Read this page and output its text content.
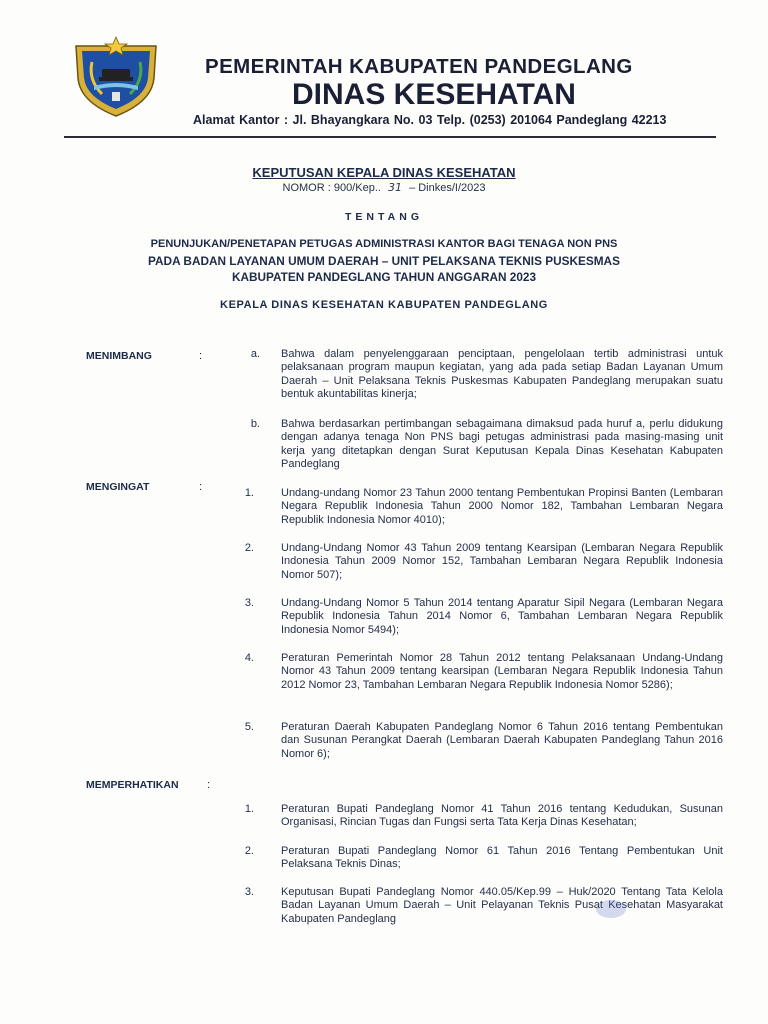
PEMERINTAH KABUPATEN PANDEGLANG
DINAS KESEHATAN
Alamat Kantor : Jl. Bhayangkara No. 03 Telp. (0253) 201064 Pandeglang 42213
KEPUTUSAN KEPALA DINAS KESEHATAN
NOMOR : 900/Kep.. 31 – Dinkes/I/2023
TENTANG
PENUNJUKAN/PENETAPAN PETUGAS ADMINISTRASI KANTOR BAGI TENAGA NON PNS
PADA BADAN LAYANAN UMUM DAERAH – UNIT PELAKSANA TEKNIS PUSKESMAS
KABUPATEN PANDEGLANG TAHUN ANGGARAN 2023
KEPALA DINAS KESEHATAN KABUPATEN PANDEGLANG
MENIMBANG	:	a. Bahwa dalam penyelenggaraan penciptaan, pengelolaan tertib administrasi untuk pelaksanaan program maupun kegiatan, yang ada pada setiap Badan Layanan Umum Daerah – Unit Pelaksana Teknis Puskesmas Kabupaten Pandeglang merupakan suatu bentuk akuntabilitas kinerja;
b. Bahwa berdasarkan pertimbangan sebagaimana dimaksud pada huruf a, perlu didukung dengan adanya tenaga Non PNS bagi petugas administrasi pada masing-masing unit kerja yang ditetapkan dengan Surat Keputusan Kepala Dinas Kesehatan Kabupaten Pandeglang
MENGINGAT	:	1. Undang-undang Nomor 23 Tahun 2000 tentang Pembentukan Propinsi Banten (Lembaran Negara Republik Indonesia Tahun 2000 Nomor 182, Tambahan Lembaran Negara Republik Indonesia Nomor 4010);
2. Undang-Undang Nomor 43 Tahun 2009 tentang Kearsipan (Lembaran Negara Republik Indonesia Tahun 2009 Nomor 152, Tambahan Lembaran Negara Republik Indonesia Nomor 507);
3. Undang-Undang Nomor 5 Tahun 2014 tentang Aparatur Sipil Negara (Lembaran Negara Republik Indonesia Tahun 2014 Nomor 6, Tambahan Lembaran Negara Republik Indonesia Nomor 5494);
4. Peraturan Pemerintah Nomor 28 Tahun 2012 tentang Pelaksanaan Undang-Undang Nomor 43 Tahun 2009 tentang kearsipan (Lembaran Negara Republik Indonesia Tahun 2012 Nomor 23, Tambahan Lembaran Negara Republik Indonesia Nomor 5286);
5. Peraturan Daerah Kabupaten Pandeglang Nomor 6 Tahun 2016 tentang Pembentukan dan Susunan Perangkat Daerah (Lembaran Daerah Kabupaten Pandeglang Tahun 2016 Nomor 6);
MEMPERHATIKAN	:
1. Peraturan Bupati Pandeglang Nomor 41 Tahun 2016 tentang Kedudukan, Susunan Organisasi, Rincian Tugas dan Fungsi serta Tata Kerja Dinas Kesehatan;
2. Peraturan Bupati Pandeglang Nomor 61 Tahun 2016 Tentang Pembentukan Unit Pelaksana Teknis Dinas;
3. Keputusan Bupati Pandeglang Nomor 440.05/Kep.99 – Huk/2020 Tentang Tata Kelola Badan Layanan Umum Daerah – Unit Pelayanan Teknis Pusat Kesehatan Masyarakat Kabupaten Pandeglang
